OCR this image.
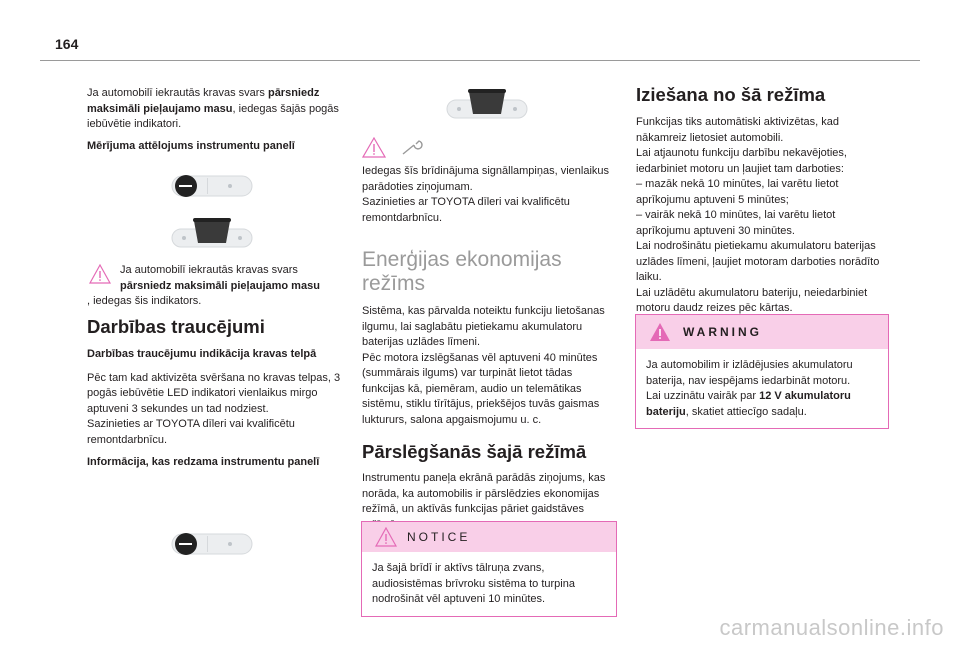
164

Ja automobilī iekrautās kravas svars pārsniedz maksimāli pieļaujamo masu, iedegas šajās pogās iebūvētie indikatori.

Mērījuma attēlojums instrumentu panelī
Ja automobilī iekrautās kravas svars pārsniedz maksimāli pieļaujamo masu

, iedegas šis indikators.
Darbības traucējumi
Darbības traucējumu indikācija kravas telpā

Pēc tam kad aktivizēta svēršana no kravas telpas, 3 pogās iebūvētie LED indikatori vienlaikus mirgo aptuveni 3 sekundes un tad nodziest.

Sazinieties ar TOYOTA dīleri vai kvalificētu remontdarbnīcu.

Informācija, kas redzama instrumentu panelī

Iedegas šīs brīdinājuma signāllampiņas, vienlaikus parādoties ziņojumam.

Sazinieties ar TOYOTA dīleri vai kvalificētu remontdarbnīcu.

Enerģijas ekonomijas režīms

Sistēma, kas pārvalda noteiktu funkciju lietošanas ilgumu, lai saglabātu pietiekamu akumulatoru baterijas uzlādes līmeni.

Pēc motora izslēgšanas vēl aptuveni 40 minūtes (summārais ilgums) var turpināt lietot tādas funkcijas kā, piemēram, audio un telemātikas sistēmu, stiklu tīrītājus, priekšējos tuvās gaismas luktururs, salona apgaismojumu u. c.

Pārslēgšanās šajā režīmā

Instrumentu paneļa ekrānā parādās ziņojums, kas norāda, ka automobilis ir pārslēdzies ekonomijas režīmā, un aktīvās funkcijas pāriet gaidstāves

NOTICE
Ja šajā brīdī ir aktīvs tālruņa zvans, audiosistēmas brīvroku sistēma to turpina nodrošināt vēl aptuveni 10 minūtes.
Iziešana no šā režīma

Funkcijas tiks automātiski aktivizētas, kad nākamreiz lietosiet automobili.

Lai atjaunotu funkciju darbību nekavējoties, iedarbiniet motoru un ļaujiet tam darboties:

– mazāk nekā 10 minūtes, lai varētu lietot aprīkojumu aptuveni 5 minūtes;

– vairāk nekā 10 minūtes, lai varētu lietot aprīkojumu aptuveni 30 minūtes.

Lai nodrošinātu pietiekamu akumulatoru baterijas uzlādes līmeni, ļaujiet motoram darboties norādīto laiku.

Lai uzlādētu akumulatoru bateriju, neiedarbiniet motoru daudz reizes pēc kārtas.

WARNING

Ja automobilim ir izlādējusies akumulatoru baterija, nav iespējams iedarbināt motoru.

Lai uzzinātu vairāk par 12 V akumulatoru bateriju, skatiet attiecīgo sadaļu.

carmanualsonline.info
